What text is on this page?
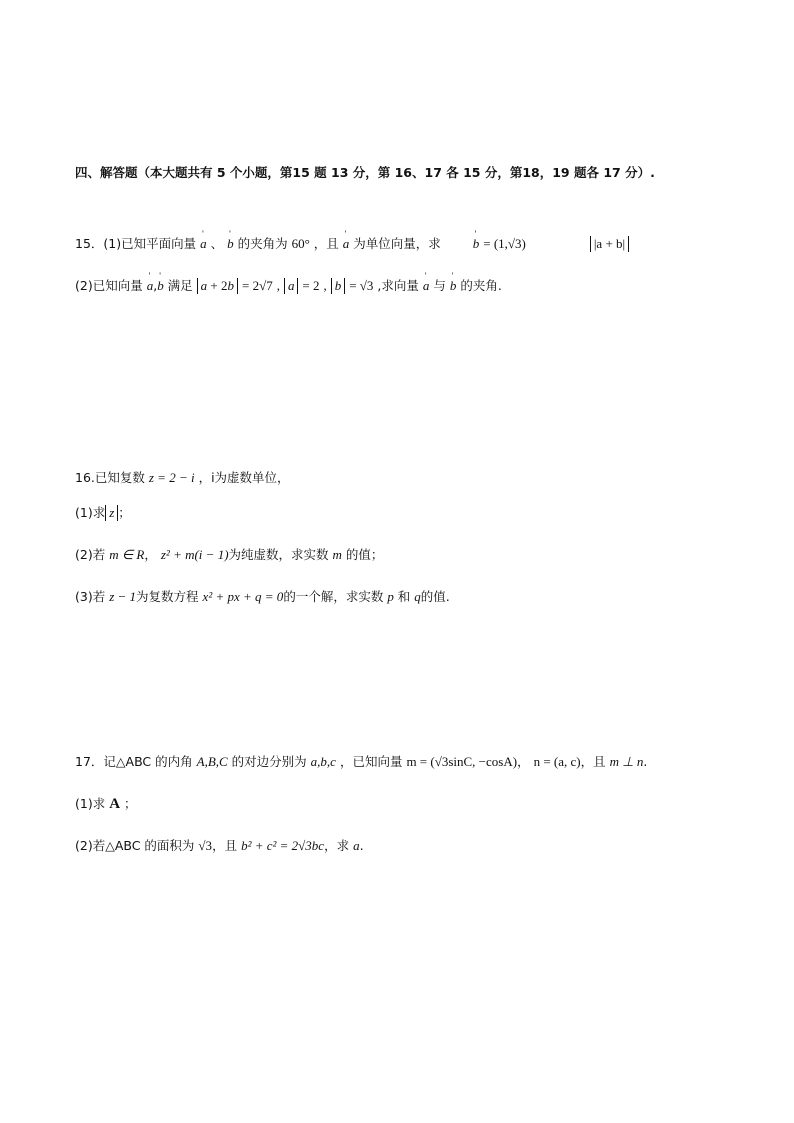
四、解答题（本大题共有 5 个小题，第15 题 13 分，第 16、17 各 15 分，第18，19 题各 17 分）.
15．(1)已知平面向量 ' a 、 ' b 的夹角为 60° ，且 ' a 为单位向量，求 ' b = (1,√3)	|a + b|
(2)已知向量 ' a,' b 满足 a + 2b = 2√7 , a = 2 , b = √3 ,求向量 ' a 与 ' b 的夹角.
16.已知复数 z = 2 − i ，i为虚数单位，
(1)求 z ；
(2)若 m ∈ R， z² + m(i − 1)为纯虚数，求实数 m 的值；
(3)若 z − 1为复数方程 x² + px + q = 0的一个解，求实数 p 和 q的值.
17．记△ABC 的内角 A,B,C 的对边分别为 a,b,c ，已知向量 m = (√3sinC, −cosA)， n = (a, c)，且 m ⊥ n.
(1)求 A ；
(2)若△ABC 的面积为 √3，且 b² + c² = 2√3bc，求 a.
